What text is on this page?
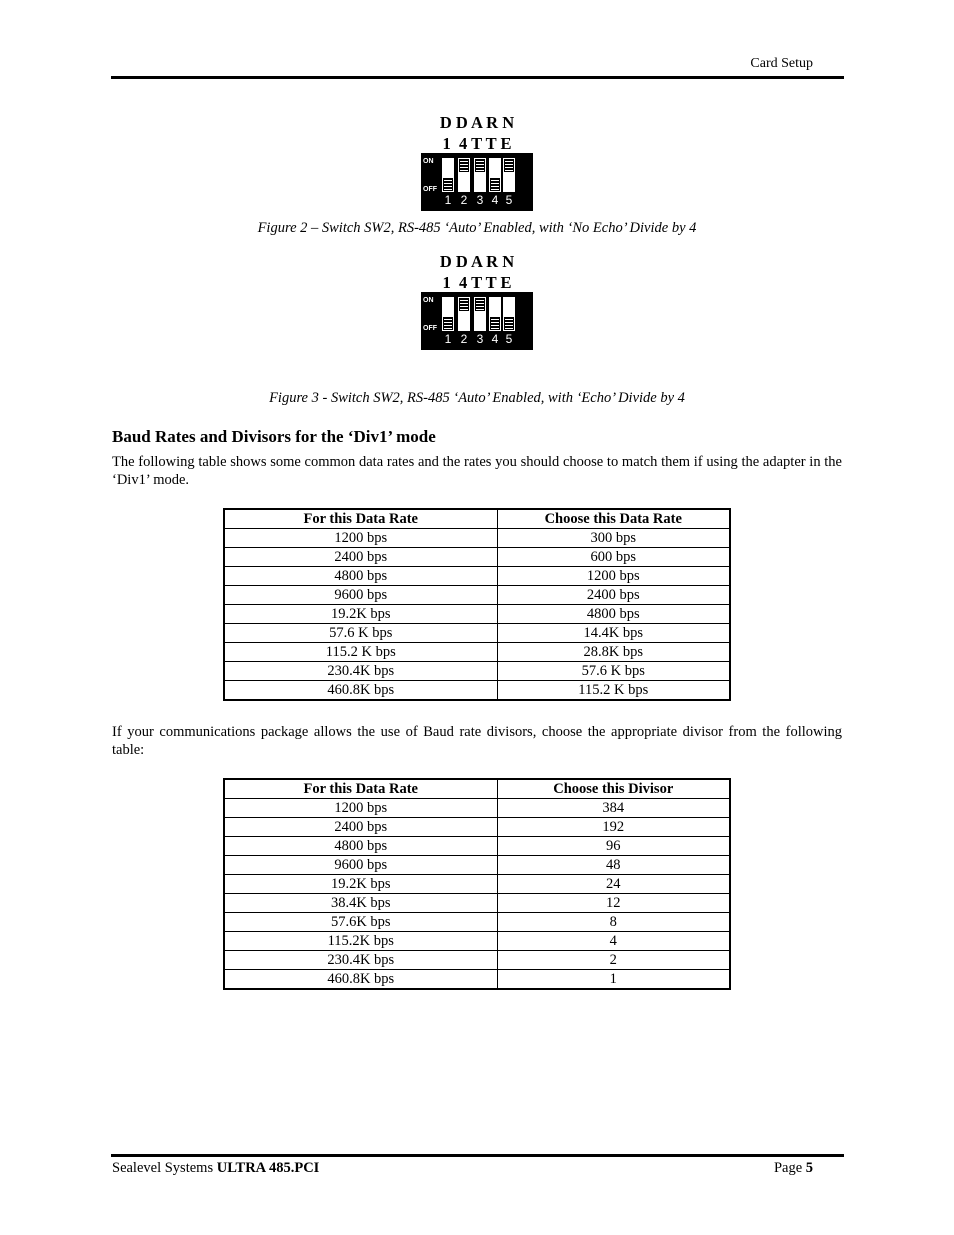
Card Setup
D D A R N
1  4 T T E
ON
OFF
1 2 3 4 5
Figure 2 – Switch SW2, RS-485 ‘Auto’ Enabled, with ‘No Echo’ Divide by 4
D D A R N
1  4 T T E
ON
OFF
1 2 3 4 5
Figure 3 - Switch SW2, RS-485 ‘Auto’ Enabled, with ‘Echo’ Divide by 4
Baud Rates and Divisors for the ‘Div1’ mode

The following table shows some common data rates and the rates you should choose to match them if using the adapter in the ‘Div1’ mode.

For this Data Rate	Choose this Data Rate
1200 bps	300 bps
2400 bps	600 bps
4800 bps	1200 bps
9600 bps	2400 bps
19.2K bps	4800 bps
57.6 K bps	14.4K bps
115.2 K bps	28.8K bps
230.4K bps	57.6 K bps
460.8K bps	115.2 K bps

If your communications package allows the use of Baud rate divisors, choose the appropriate divisor from the following table:

For this Data Rate	Choose this Divisor
1200 bps	384
2400 bps	192
4800 bps	96
9600 bps	48
19.2K bps	24
38.4K bps	12
57.6K bps	8
115.2K bps	4
230.4K bps	2
460.8K bps	1
Sealevel Systems ULTRA 485.PCI	Page 5
